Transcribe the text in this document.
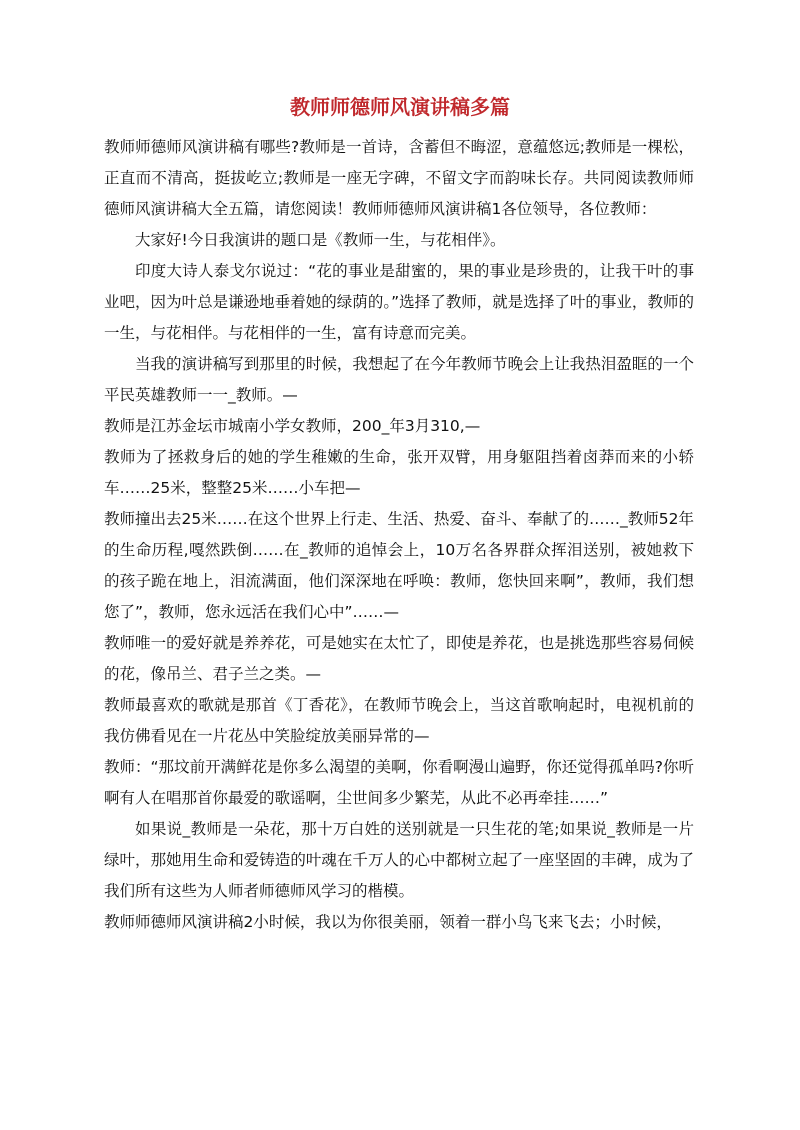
教师师德师风演讲稿多篇

教师师德师风演讲稿有哪些?教师是一首诗，含蓄但不晦涩，意蕴悠远;教师是一棵松，正直而不清高，挺拔屹立;教师是一座无字碑，不留文字而韵味长存。共同阅读教师师德师风演讲稿大全五篇，请您阅读！教师师德师风演讲稿1各位领导，各位教师：

大家好!今日我演讲的题口是《教师一生，与花相伴》。

印度大诗人泰戈尔说过：“花的事业是甜蜜的，果的事业是珍贵的，让我干叶的事业吧，因为叶总是谦逊地垂着她的绿荫的。”选择了教师，就是选择了叶的事业，教师的一生，与花相伴。与花相伴的一生，富有诗意而完美。

当我的演讲稿写到那里的时候，我想起了在今年教师节晚会上让我热泪盈眶的一个平民英雄教师一一_教师。—

教师是江苏金坛市城南小学女教师，200_年3月310,—

教师为了拯救身后的她的学生稚嫩的生命，张开双臂，用身躯阻挡着卤莽而来的小轿车……25米，整整25米……小车把—

教师撞出去25米……在这个世界上行走、生活、热爱、奋斗、奉献了的……_教师52年的生命历程,嘎然跌倒……在_教师的追悼会上，10万名各界群众挥泪送别，被她救下的孩子跪在地上，泪流满面，他们深深地在呼唤：教师，您快回来啊”，教师，我们想您了”，教师，您永远活在我们心中”……—

教师唯一的爱好就是养养花，可是她实在太忙了，即使是养花，也是挑选那些容易伺候的花，像吊兰、君子兰之类。—

教师最喜欢的歌就是那首《丁香花》，在教师节晚会上，当这首歌响起时，电视机前的我仿佛看见在一片花丛中笑脸绽放美丽异常的—

教师：“那坟前开满鲜花是你多么渴望的美啊，你看啊漫山遍野，你还觉得孤单吗?你听啊有人在唱那首你最爱的歌谣啊，尘世间多少繁芜，从此不必再牵挂……”

如果说_教师是一朵花，那十万白姓的送别就是一只生花的笔;如果说_教师是一片绿叶，那她用生命和爱铸造的叶魂在千万人的心中都树立起了一座坚固的丰碑，成为了我们所有这些为人师者师德师风学习的楷模。

教师师德师风演讲稿2小时候，我以为你很美丽，领着一群小鸟飞来飞去；小时候，
